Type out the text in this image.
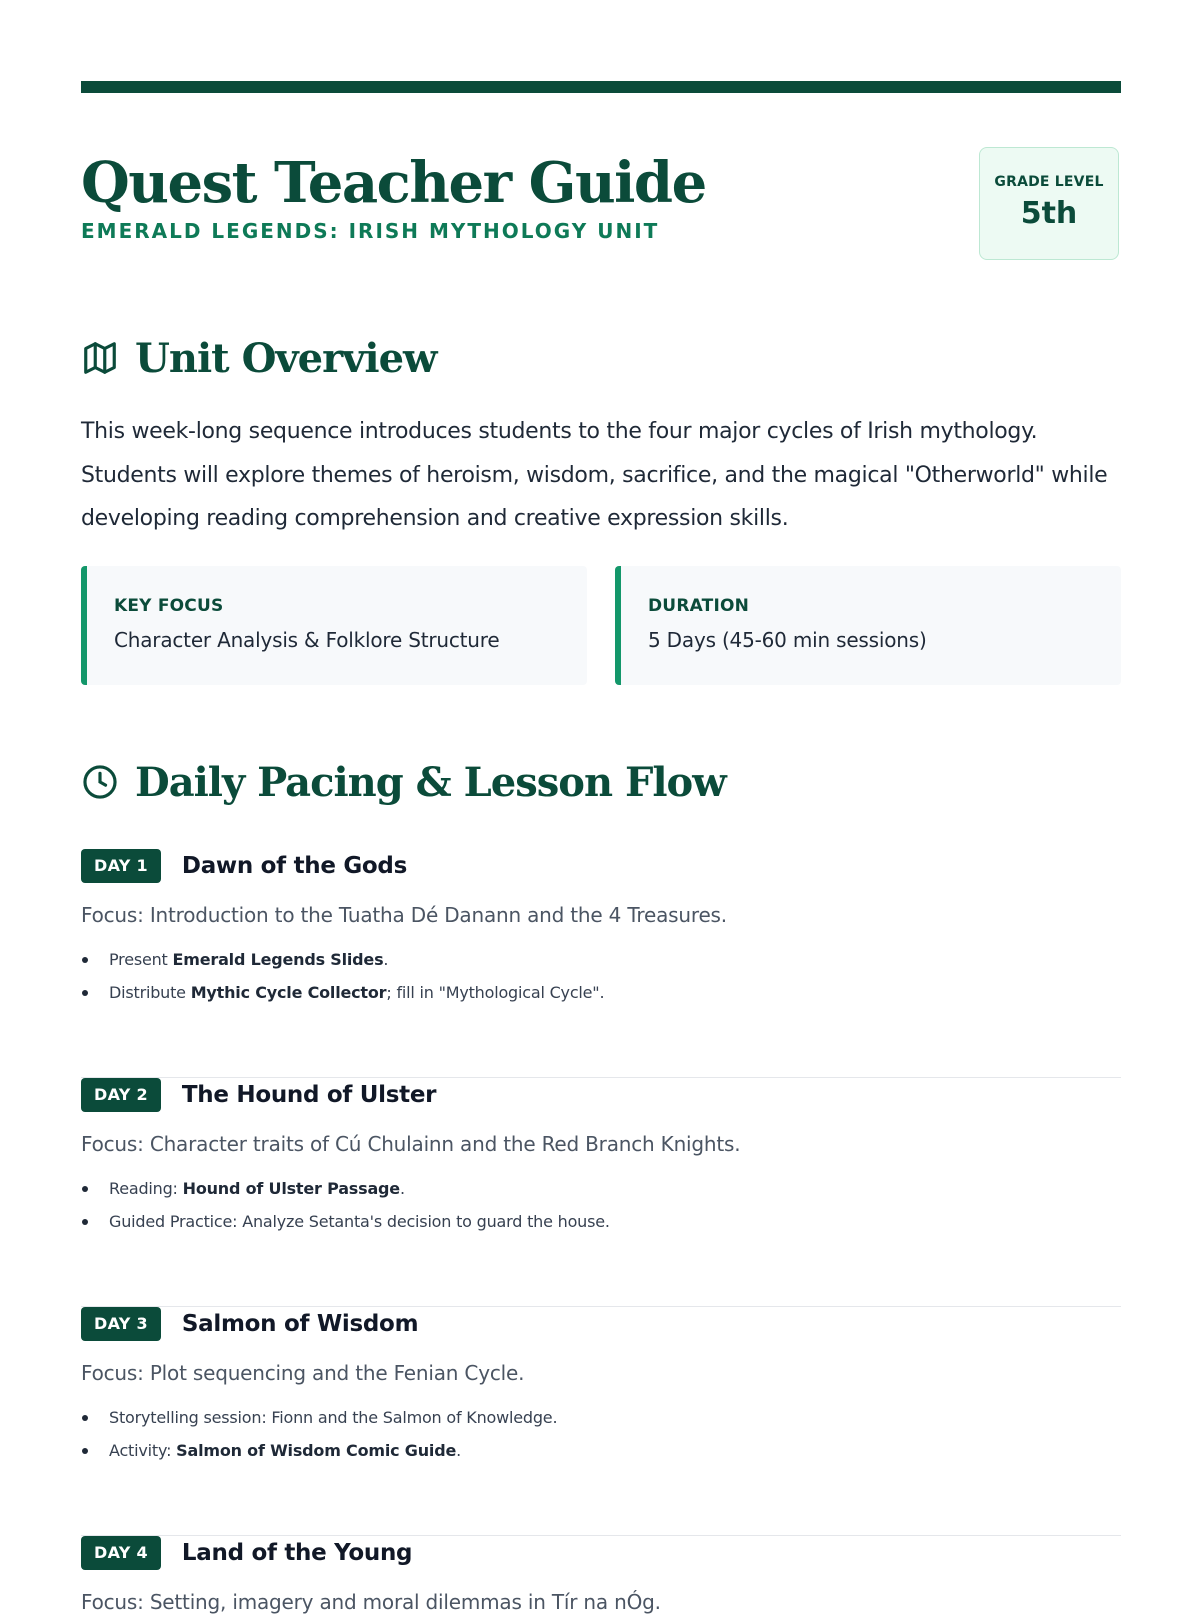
Quest Teacher Guide
EMERALD LEGENDS: IRISH MYTHOLOGY UNIT
GRADE LEVEL
5th
Unit Overview

This week-long sequence introduces students to the four major cycles of Irish mythology. Students will explore themes of heroism, wisdom, sacrifice, and the magical "Otherworld" while developing reading comprehension and creative expression skills.

KEY FOCUS
Character Analysis & Folklore Structure
DURATION
5 Days (45-60 min sessions)
Daily Pacing & Lesson Flow
DAY 1	Dawn of the Gods

Focus: Introduction to the Tuatha Dé Danann and the 4 Treasures.

Present Emerald Legends Slides.
Distribute Mythic Cycle Collector; fill in "Mythological Cycle".
DAY 2	The Hound of Ulster

Focus: Character traits of Cú Chulainn and the Red Branch Knights.

Reading: Hound of Ulster Passage.
Guided Practice: Analyze Setanta's decision to guard the house.
DAY 3	Salmon of Wisdom

Focus: Plot sequencing and the Fenian Cycle.

Storytelling session: Fionn and the Salmon of Knowledge.
Activity: Salmon of Wisdom Comic Guide.
DAY 4	Land of the Young

Focus: Setting, imagery and moral dilemmas in Tír na nÓg.
